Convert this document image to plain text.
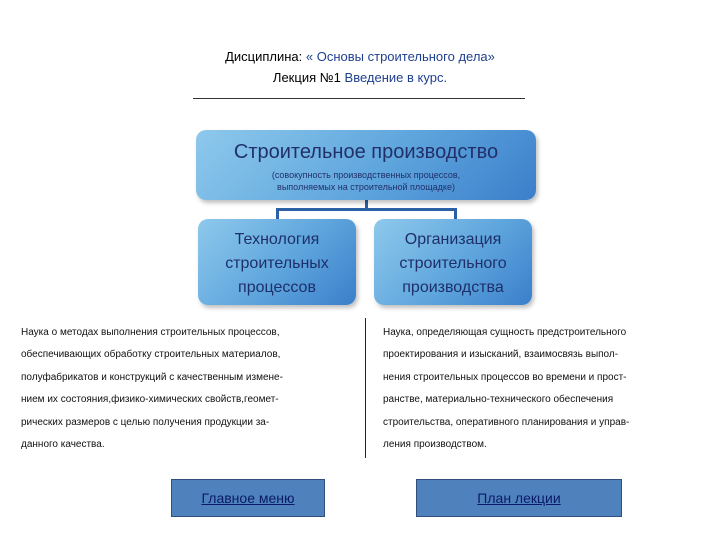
Дисциплина: « Основы строительного дела»
Лекция №1 Введение в курс.
Строительное производство
(совокупность производственных процессов,
выполняемых на строительной площадке)
Технология
строительных
процессов
Организация
строительного
производства
Наука о методах выполнения строительных процессов,
обеспечивающих обработку строительных материалов,
полуфабрикатов и конструкций с качественным измене-
нием их состояния,физико-химических свойств,геомет-
рических размеров с целью получения продукции за-
данного качества.
Наука, определяющая сущность предстроительного
проектирования и изысканий, взаимосвязь выпол-
нения строительных процессов во времени и прост-
ранстве, материально-технического обеспечения
строительства, оперативного планирования и управ-
ления производством.
Главное меню	План лекции
